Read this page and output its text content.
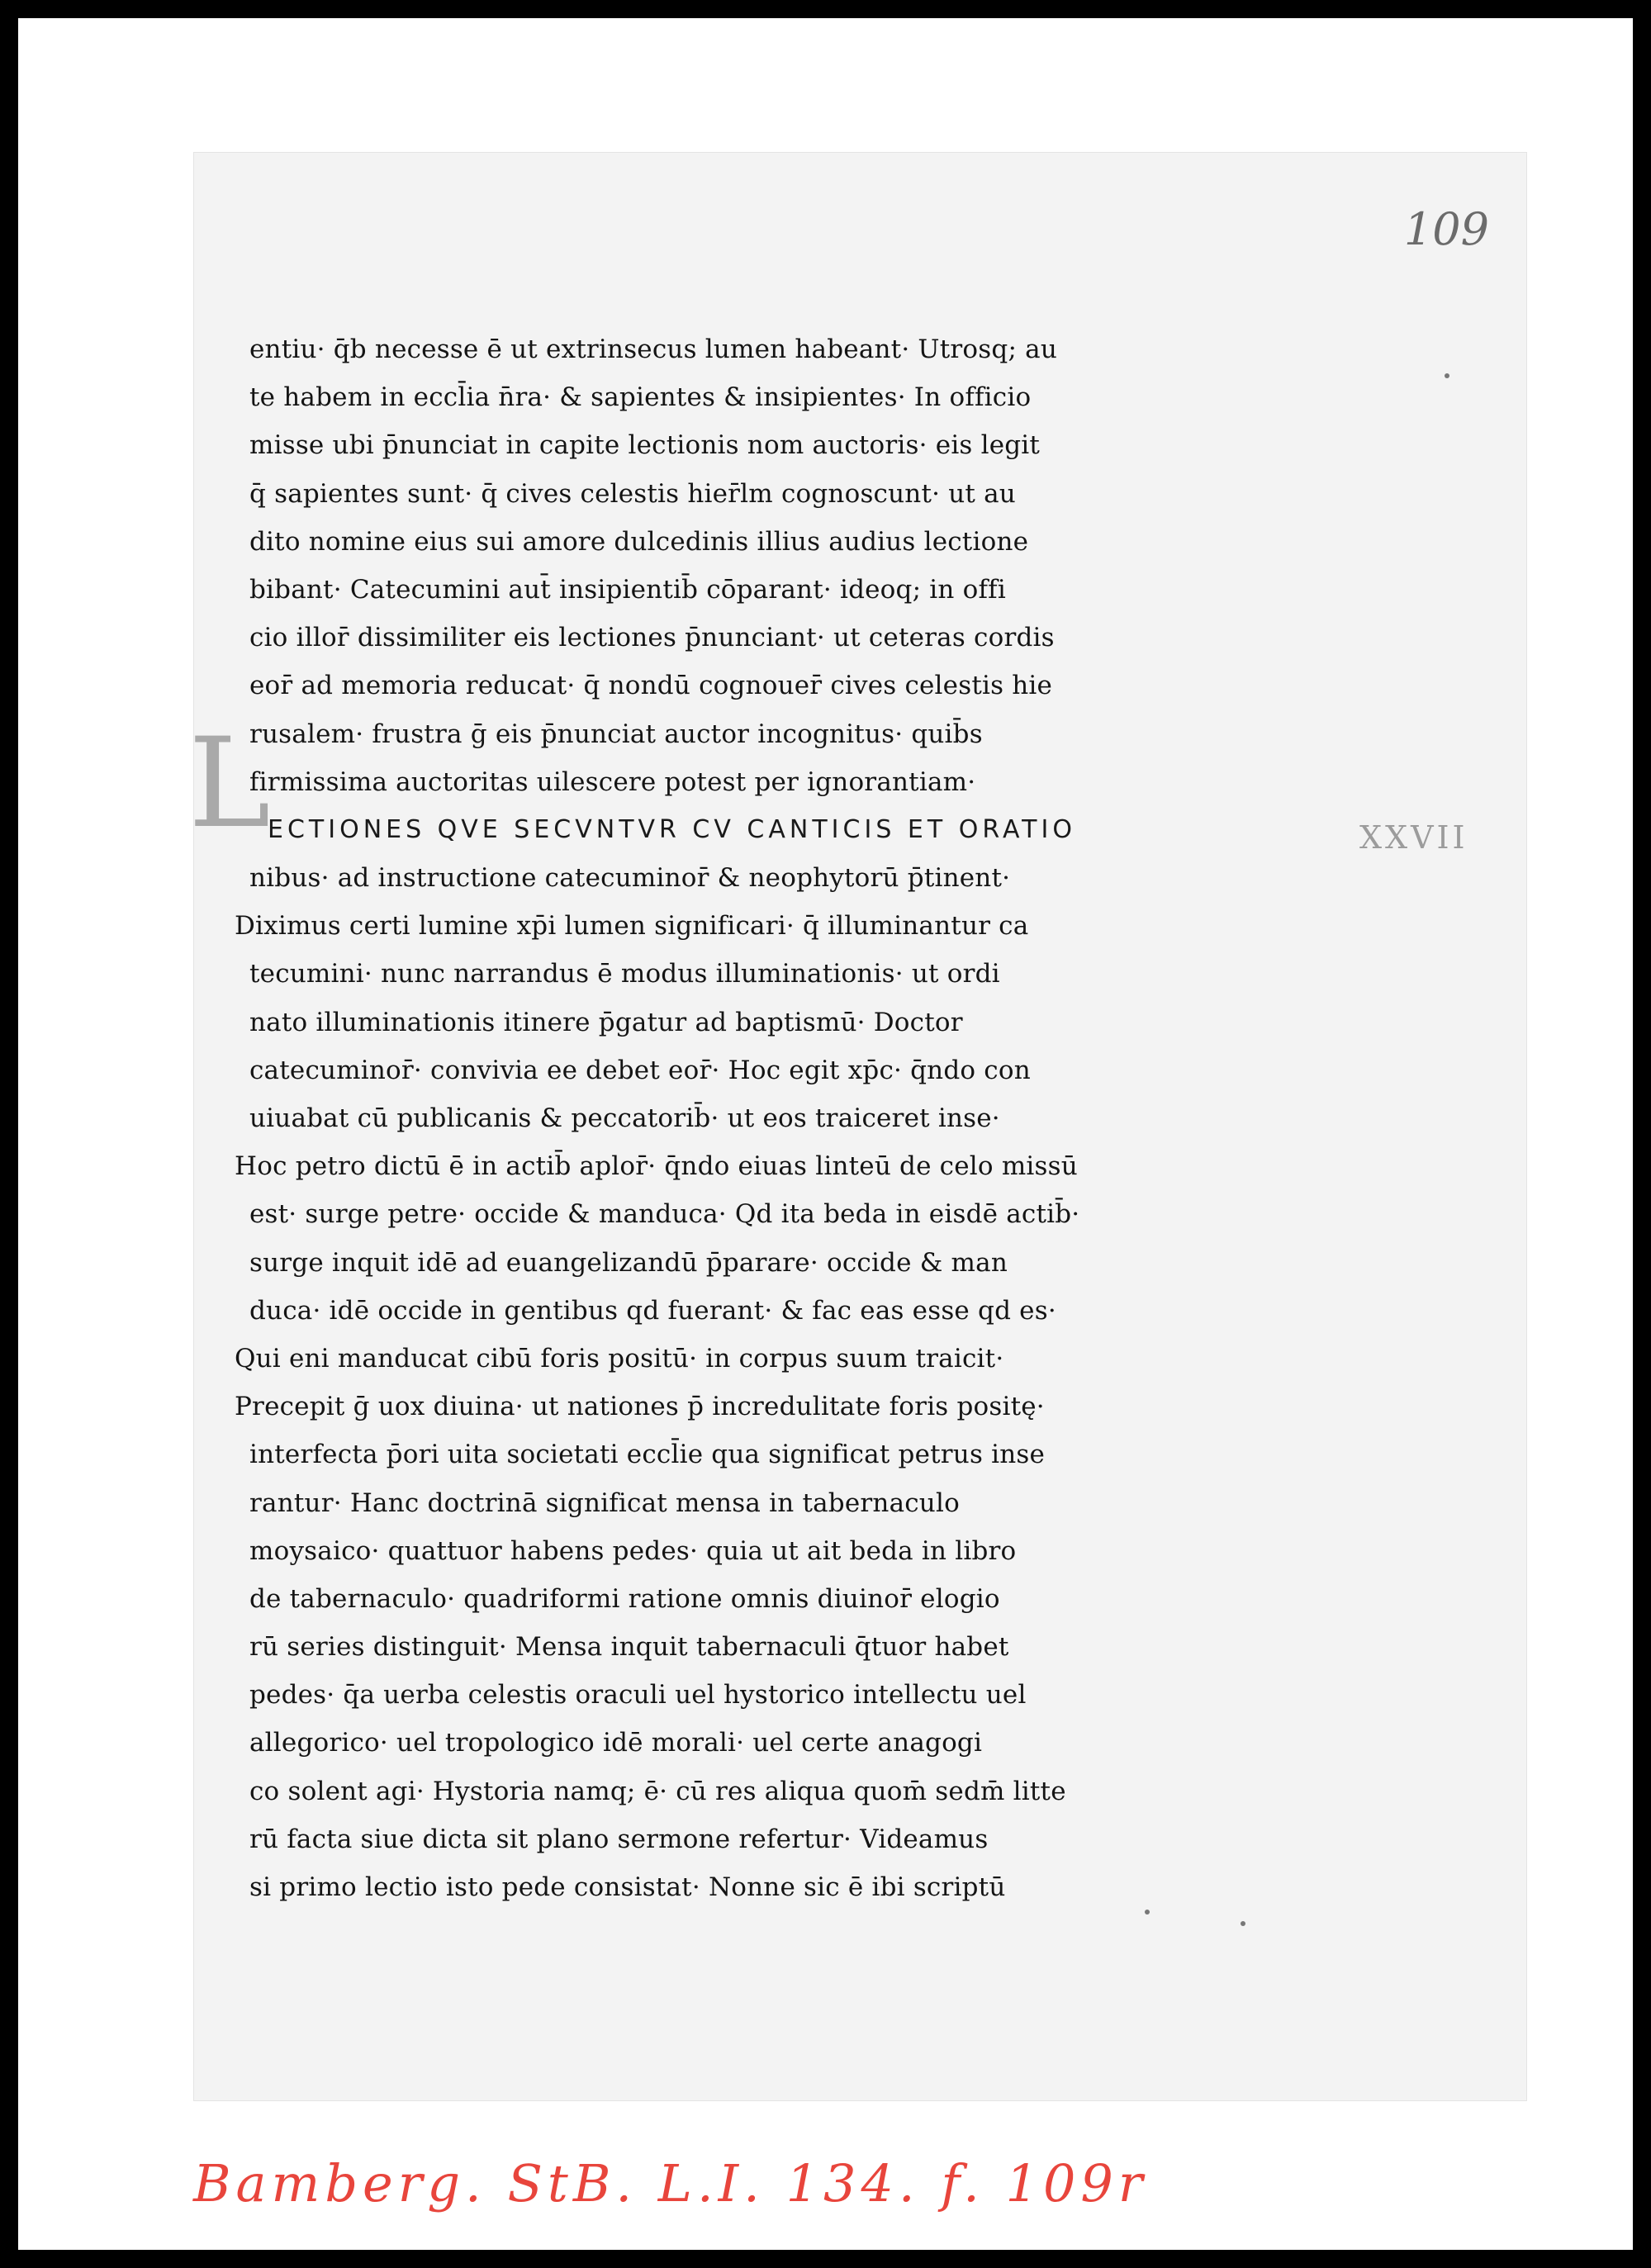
109
L	XXVII
entiu· q̄b necesse ē ut extrinsecus lumen habeant· Utrosq; au
te habem in eccl̄ia n̄ra· & sapientes & insipientes· In officio
misse ubi p̄nunciat in capite lectionis nom auctoris· eis legit
q̄ sapientes sunt· q̄ cives celestis hier̄lm cognoscunt· ut au
dito nomine eius sui amore dulcedinis illius audius lectione
bibant· Catecumini aut̄ insipientib̄ cōparant· ideoq; in offi
cio illor̄ dissimiliter eis lectiones p̄nunciant· ut ceteras cordis
eor̄ ad memoria reducat· q̄ nondū cognouer̄ cives celestis hie
rusalem· frustra ḡ eis p̄nunciat auctor incognitus· quib̄s
firmissima auctoritas uilescere potest per ignorantiam·
ECTIONES QVE SECVNTVR CV CANTICIS ET ORATIO
nibus· ad instructione catecuminor̄ & neophytorū p̄tinent·
Diximus certi lumine xp̄i lumen significari· q̄ illuminantur ca
tecumini· nunc narrandus ē modus illuminationis· ut ordi
nato illuminationis itinere p̄gatur ad baptismū· Doctor
catecuminor̄· convivia ee debet eor̄· Hoc egit xp̄c· q̄ndo con
uiuabat cū publicanis & peccatorib̄· ut eos traiceret inse·
Hoc petro dictū ē in actib̄ aplor̄· q̄ndo eiuas linteū de celo missū
est· surge petre· occide & manduca· Qd ita beda in eisdē actib̄·
surge inquit idē ad euangelizandū p̄parare· occide & man
duca· idē occide in gentibus qd fuerant· & fac eas esse qd es·
Qui eni manducat cibū foris positū· in corpus suum traicit·
Precepit ḡ uox diuina· ut nationes p̄ incredulitate foris positę·
interfecta p̄ori uita societati eccl̄ie qua significat petrus inse
rantur· Hanc doctrinā significat mensa in tabernaculo
moysaico· quattuor habens pedes· quia ut ait beda in libro
de tabernaculo· quadriformi ratione omnis diuinor̄ elogio
rū series distinguit· Mensa inquit tabernaculi q̄tuor habet
pedes· q̄a uerba celestis oraculi uel hystorico intellectu uel
allegorico· uel tropologico idē morali· uel certe anagogi
co solent agi· Hystoria namq; ē· cū res aliqua quom̄ sedm̄ litte
rū facta siue dicta sit plano sermone refertur· Videamus
si primo lectio isto pede consistat· Nonne sic ē ibi scriptū
Bamberg. StB. L.I. 134. f. 109r
